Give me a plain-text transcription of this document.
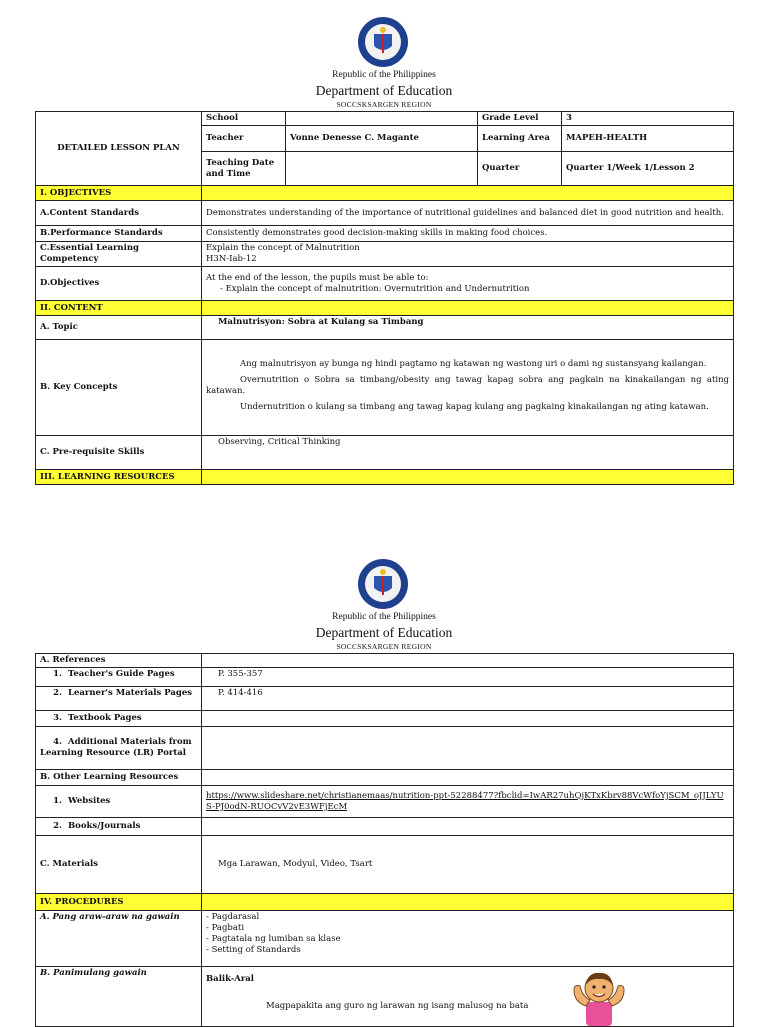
Republic of the Philippines
Department of Education
SOCCSKSARGEN REGION
DETAILED LESSON PLAN	School		Grade Level	3
	Teacher	Vonne Denesse C. Magante	Learning Area	MAPEH-HEALTH
	Teaching Date and Time		Quarter	Quarter 1/Week 1/Lesson 2
I. OBJECTIVES				
A.Content Standards	Demonstrates understanding of the importance of nutritional guidelines and balanced diet in good nutrition and health.			
B.Performance Standards	Consistently demonstrates good decision-making skills in making food choices.			
C.Essential Learning Competency	Explain the concept of Malnutrition
H3N-Iab-12			

D.Objectives	At the end of the lesson, the pupils must be able to:
- Explain the concept of malnutrition: Overnutrition and Undernutrition			

II. CONTENT				
A. Topic	Malnutrisyon: Sobra at Kulang sa Timbang			
B. Key Concepts	Ang malnutrisyon ay bunga ng hindi pagtamo ng katawan ng wastong uri o dami ng sustansyang kailangan.
Overnutrition o Sobra sa timbang/obesity ang tawag kapag sobra ang pagkain na kinakailangan ng ating katawan.
Undernutrition o kulang sa timbang ang tawag kapag kulang ang pagkaing kinakailangan ng ating katawan.			

C. Pre-requisite Skills	Observing, Critical Thinking			
III. LEARNING RESOURCES				
Republic of the Philippines
Department of Education
SOCCSKSARGEN REGION
A. References	
1. Teacher's Guide Pages	P. 355-357
2. Learner's Materials Pages	P. 414-416
3. Textbook Pages	
4. Additional Materials from Learning Resource (LR) Portal	
B. Other Learning Resources	
1. Websites	https://www.slideshare.net/christianemaas/nutrition-ppt-52288477?fbclid=IwAR27uhQjKTxKbrv88VcWfoYjSCM_oJJLYUS-PJ0odN-RUOCvV2vE3WFjEcM
2. Books/Journals	
C. Materials	Mga Larawan, Modyul, Video, Tsart
IV. PROCEDURES	
A. Pang araw-araw na gawain	- Pagdarasal
- Pagbati
- Pagtatala ng lumiban sa klase
- Setting of Standards

B. Panimulang gawain	Balik-Aral
Magpapakita ang guro ng larawan ng isang malusog na bata
